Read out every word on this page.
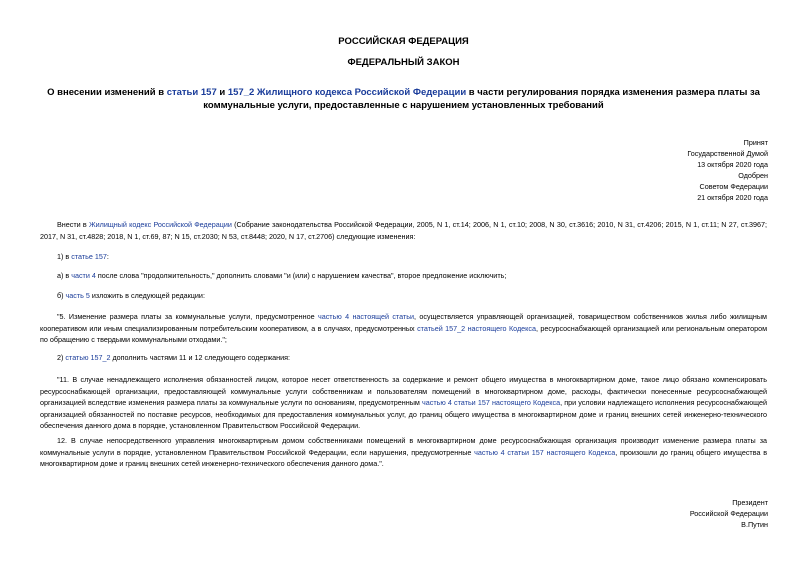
РОССИЙСКАЯ ФЕДЕРАЦИЯ
ФЕДЕРАЛЬНЫЙ ЗАКОН
О внесении изменений в статьи 157 и 157_2 Жилищного кодекса Российской Федерации в части регулирования порядка изменения размера платы за коммунальные услуги, предоставленные с нарушением установленных требований
Принят
Государственной Думой
13 октября 2020 года
Одобрен
Советом Федерации
21 октября 2020 года
Внести в Жилищный кодекс Российской Федерации (Собрание законодательства Российской Федерации, 2005, N 1, ст.14; 2006, N 1, ст.10; 2008, N 30, ст.3616; 2010, N 31, ст.4206; 2015, N 1, ст.11; N 27, ст.3967; 2017, N 31, ст.4828; 2018, N 1, ст.69, 87; N 15, ст.2030; N 53, ст.8448; 2020, N 17, ст.2706) следующие изменения:
1) в статье 157:
а) в части 4 после слова "продолжительность," дополнить словами "и (или) с нарушением качества", второе предложение исключить;
б) часть 5 изложить в следующей редакции:
"5. Изменение размера платы за коммунальные услуги, предусмотренное частью 4 настоящей статьи, осуществляется управляющей организацией, товариществом собственников жилья либо жилищным кооперативом или иным специализированным потребительским кооперативом, а в случаях, предусмотренных статьей 157_2 настоящего Кодекса, ресурсоснабжающей организацией или региональным оператором по обращению с твердыми коммунальными отходами.";
2) статью 157_2 дополнить частями 11 и 12 следующего содержания:
"11. В случае ненадлежащего исполнения обязанностей лицом, которое несет ответственность за содержание и ремонт общего имущества в многоквартирном доме, такое лицо обязано компенсировать ресурсоснабжающей организации, предоставляющей коммунальные услуги собственникам и пользователям помещений в многоквартирном доме, расходы, фактически понесенные ресурсоснабжающей организацией вследствие изменения размера платы за коммунальные услуги по основаниям, предусмотренным частью 4 статьи 157 настоящего Кодекса, при условии надлежащего исполнения ресурсоснабжающей организацией обязанностей по поставке ресурсов, необходимых для предоставления коммунальных услуг, до границ общего имущества в многоквартирном доме и границ внешних сетей инженерно-технического обеспечения данного дома в порядке, установленном Правительством Российской Федерации.
12. В случае непосредственного управления многоквартирным домом собственниками помещений в многоквартирном доме ресурсоснабжающая организация производит изменение размера платы за коммунальные услуги в порядке, установленном Правительством Российской Федерации, если нарушения, предусмотренные частью 4 статьи 157 настоящего Кодекса, произошли до границ общего имущества в многоквартирном доме и границ внешних сетей инженерно-технического обеспечения данного дома.".
Президент
Российской Федерации
В.Путин
